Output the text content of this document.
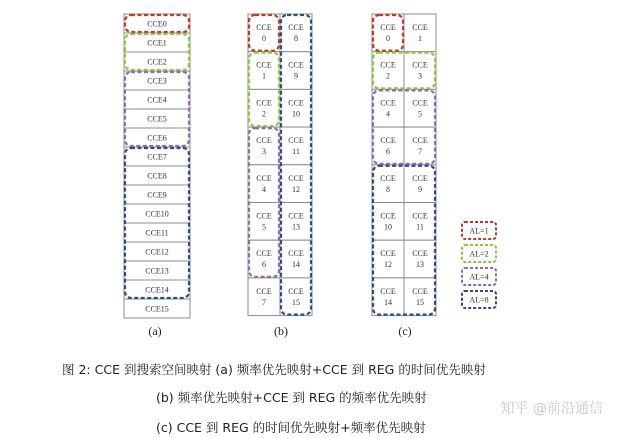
CCE0
CCE1
CCE2
CCE3
CCE4
CCE5
CCE6
CCE7
CCE8
CCE9
CCE10
CCE11
CCE12
CCE13
CCE14
CCE15
CCE
0
CCE
1
CCE
2
CCE
3
CCE
4
CCE
5
CCE
6
CCE
7
CCE
8
CCE
9
CCE
10
CCE
11
CCE
12
CCE
13
CCE
14
CCE
15
CCE
0
CCE
2
CCE
4
CCE
6
CCE
8
CCE
10
CCE
12
CCE
14
CCE
1
CCE
3
CCE
5
CCE
7
CCE
9
CCE
11
CCE
13
CCE
15
AL=1
AL=2
AL=4
AL=8
(a)	(b)	(c)
图 2: CCE 到搜索空间映射 (a) 频率优先映射+CCE 到 REG 的时间优先映射
(b) 频率优先映射+CCE 到 REG 的频率优先映射
(c) CCE 到 REG 的时间优先映射+频率优先映射
知乎 @前沿通信
